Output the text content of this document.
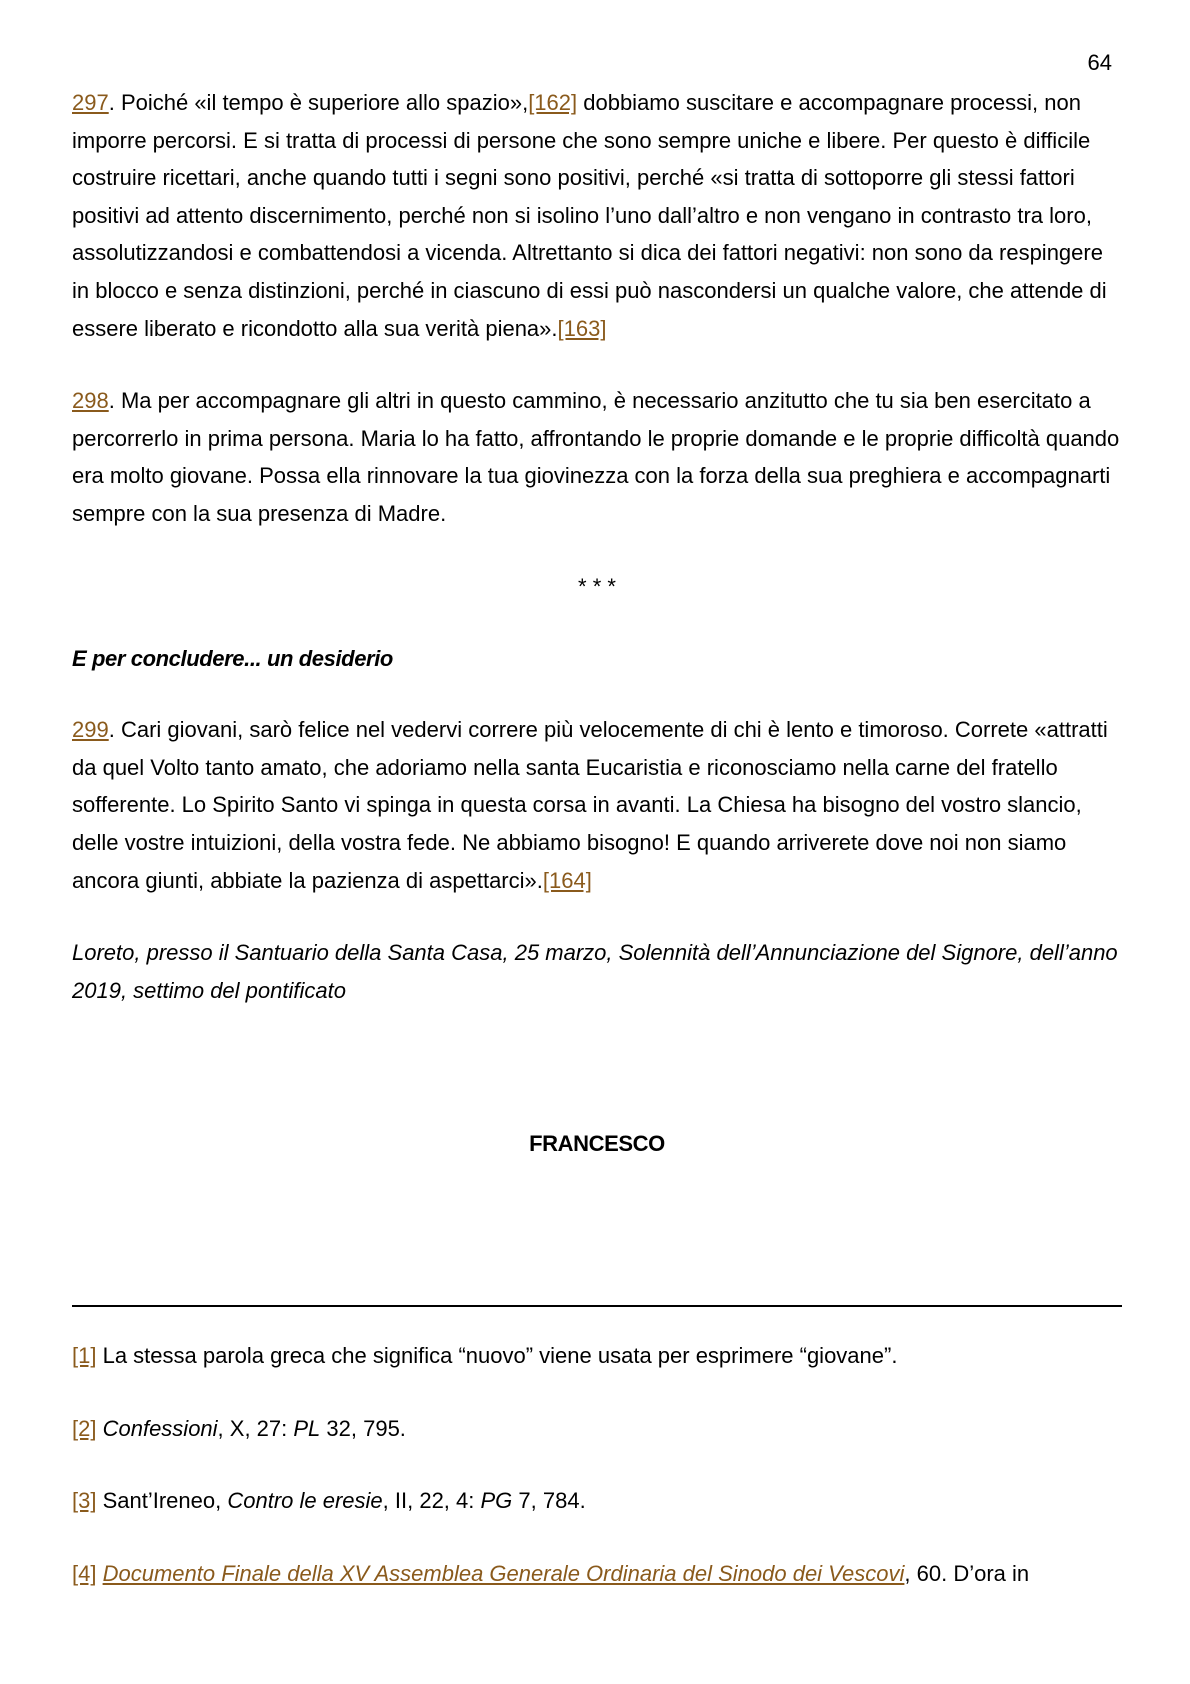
64

297. Poiché «il tempo è superiore allo spazio»,[162] dobbiamo suscitare e accompagnare processi, non imporre percorsi. E si tratta di processi di persone che sono sempre uniche e libere. Per questo è difficile costruire ricettari, anche quando tutti i segni sono positivi, perché «si tratta di sottoporre gli stessi fattori positivi ad attento discernimento, perché non si isolino l’uno dall’altro e non vengano in contrasto tra loro, assolutizzandosi e combattendosi a vicenda. Altrettanto si dica dei fattori negativi: non sono da respingere in blocco e senza distinzioni, perché in ciascuno di essi può nascondersi un qualche valore, che attende di essere liberato e ricondotto alla sua verità piena».[163]

298. Ma per accompagnare gli altri in questo cammino, è necessario anzitutto che tu sia ben esercitato a percorrerlo in prima persona. Maria lo ha fatto, affrontando le proprie domande e le proprie difficoltà quando era molto giovane. Possa ella rinnovare la tua giovinezza con la forza della sua preghiera e accompagnarti sempre con la sua presenza di Madre.

* * *

E per concludere... un desiderio

299. Cari giovani, sarò felice nel vedervi correre più velocemente di chi è lento e timoroso. Correte «attratti da quel Volto tanto amato, che adoriamo nella santa Eucaristia e riconosciamo nella carne del fratello sofferente. Lo Spirito Santo vi spinga in questa corsa in avanti. La Chiesa ha bisogno del vostro slancio, delle vostre intuizioni, della vostra fede. Ne abbiamo bisogno! E quando arriverete dove noi non siamo ancora giunti, abbiate la pazienza di aspettarci».[164]

Loreto, presso il Santuario della Santa Casa, 25 marzo, Solennità dell’Annunciazione del Signore, dell’anno 2019, settimo del pontificato

FRANCESCO

[1] La stessa parola greca che significa “nuovo” viene usata per esprimere “giovane”.

[2] Confessioni, X, 27: PL 32, 795.

[3] Sant’Ireneo, Contro le eresie, II, 22, 4: PG 7, 784.

[4] Documento Finale della XV Assemblea Generale Ordinaria del Sinodo dei Vescovi, 60. D’ora in
